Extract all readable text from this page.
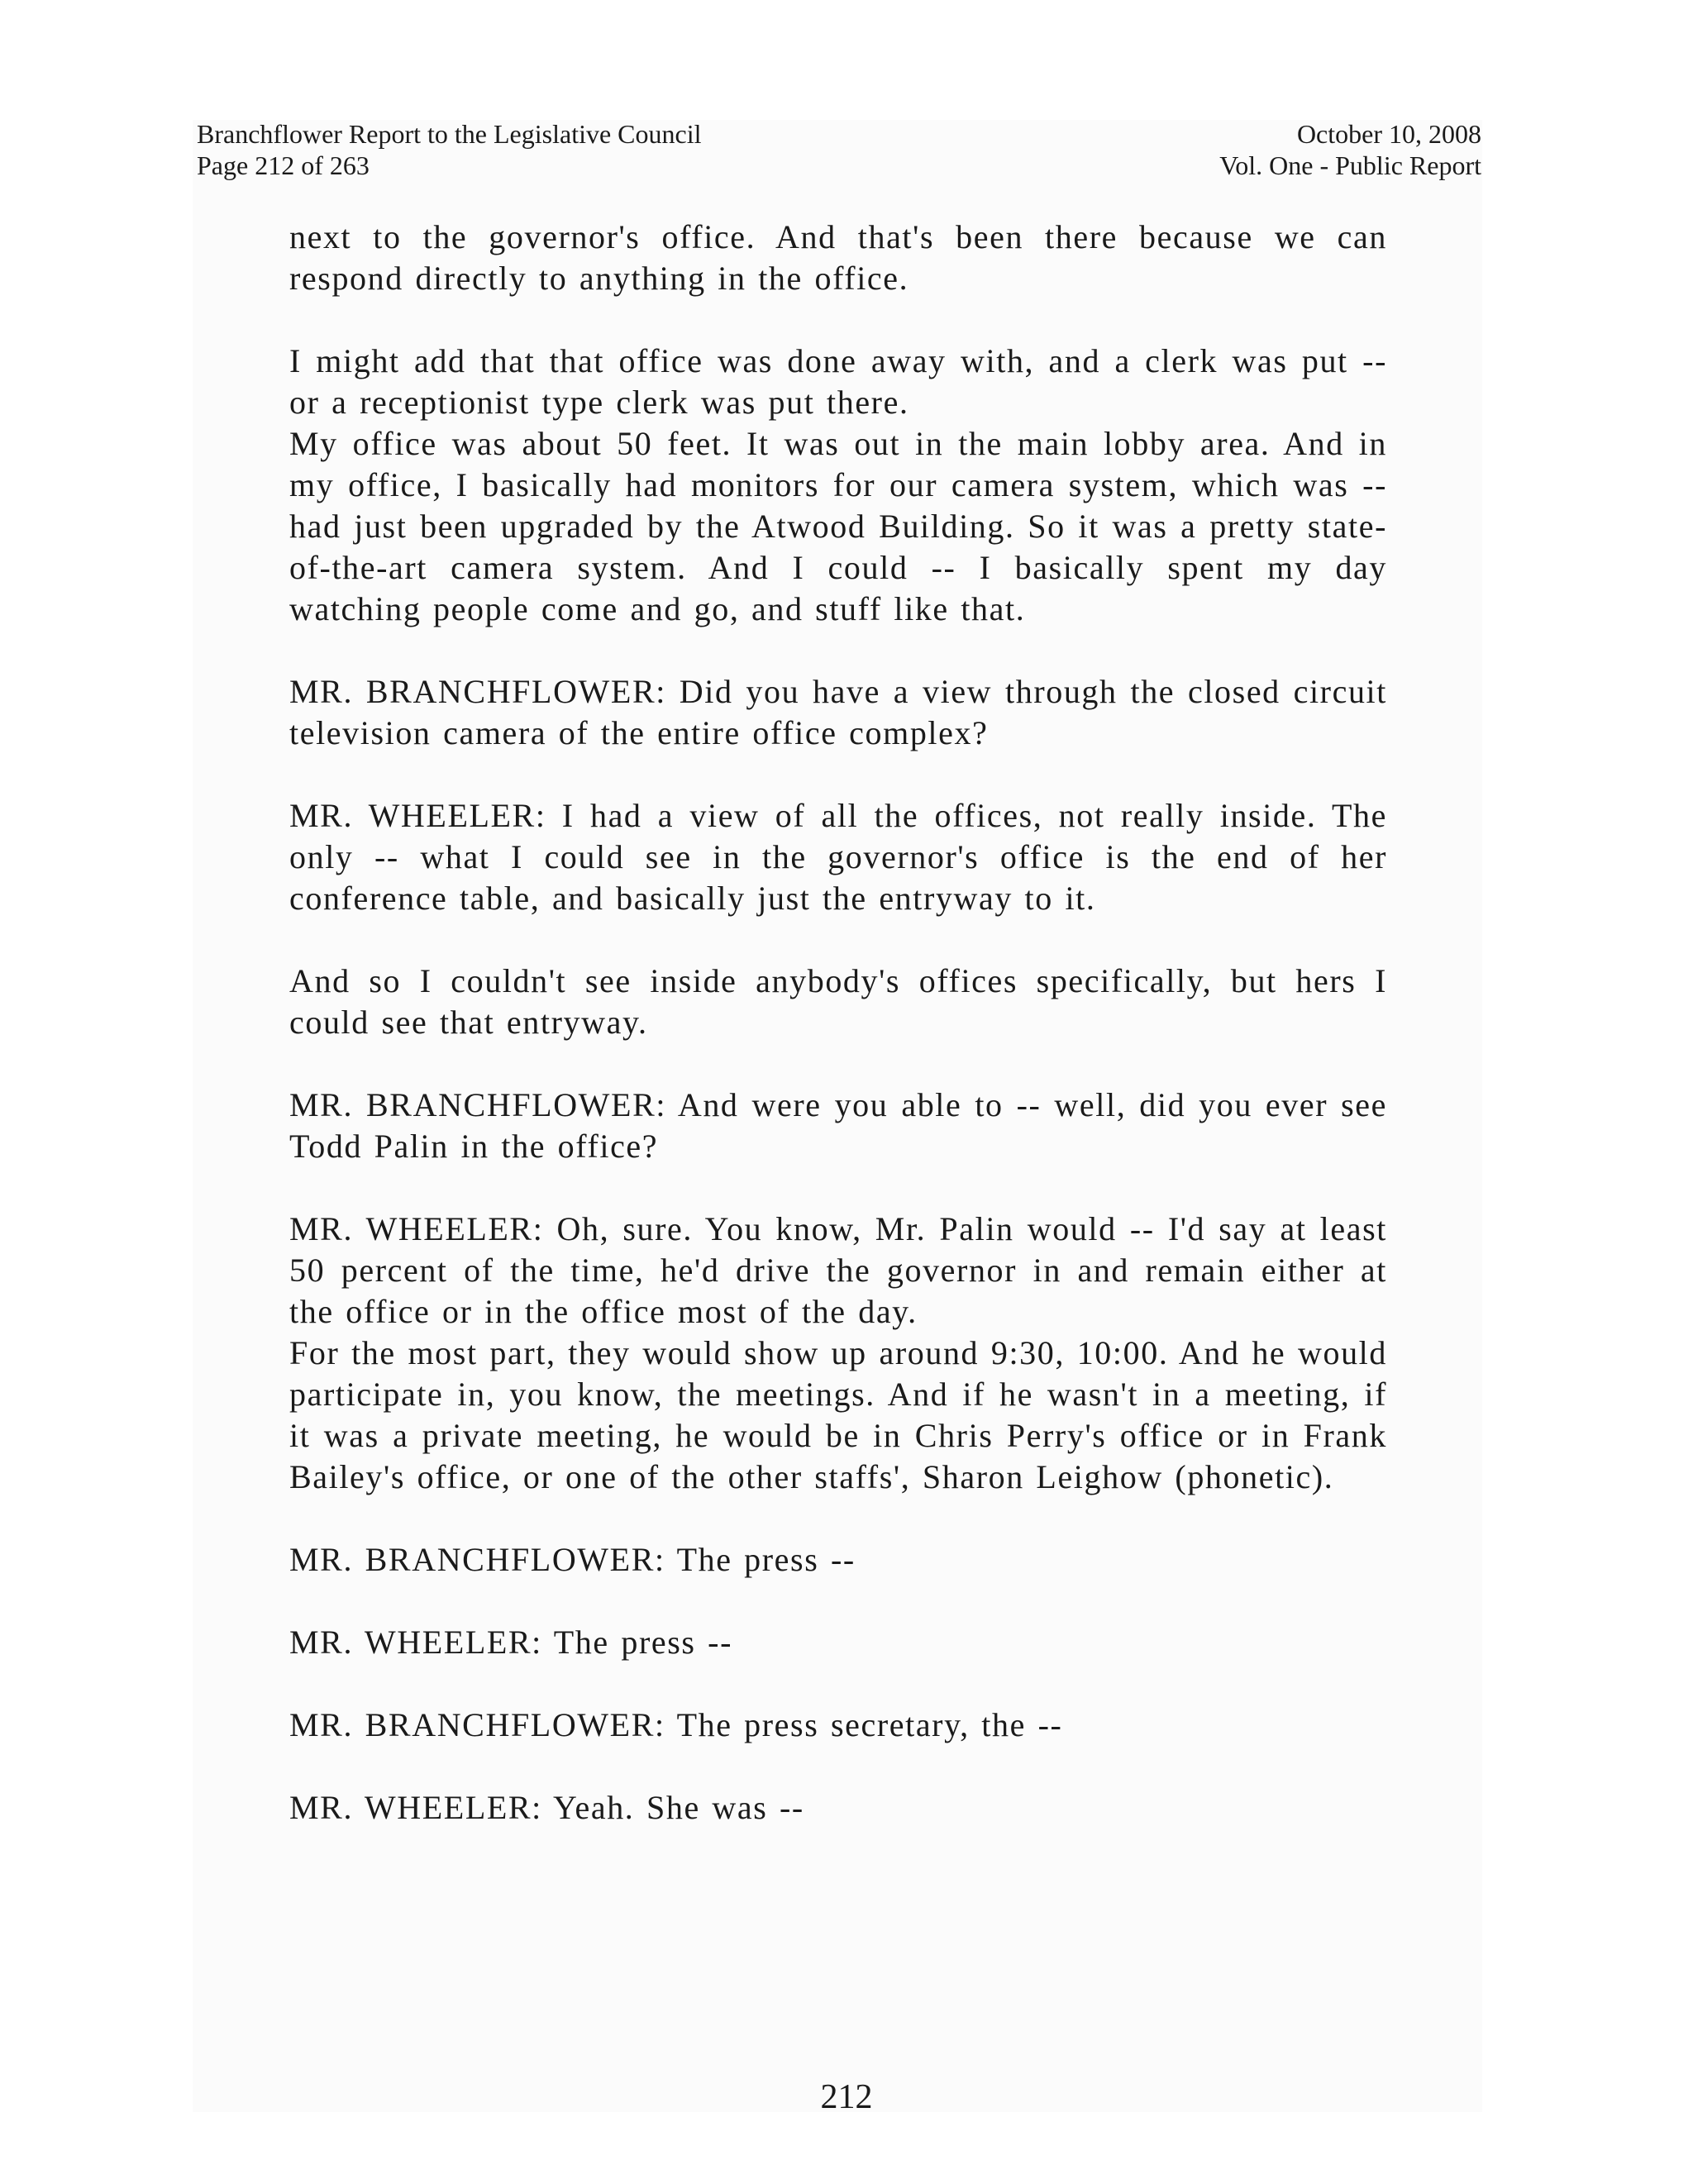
Branchflower Report to the Legislative Council
Page 212 of 263
October 10, 2008
Vol. One - Public Report

next to the governor's office. And that's been there because we can respond directly to anything in the office.

I might add that that office was done away with, and a clerk was put -- or a receptionist type clerk was put there.

My office was about 50 feet. It was out in the main lobby area. And in my office, I basically had monitors for our camera system, which was -- had just been upgraded by the Atwood Building. So it was a pretty state-of-the-art camera system. And I could -- I basically spent my day watching people come and go, and stuff like that.

MR. BRANCHFLOWER: Did you have a view through the closed circuit television camera of the entire office complex?

MR. WHEELER: I had a view of all the offices, not really inside. The only -- what I could see in the governor's office is the end of her conference table, and basically just the entryway to it.

And so I couldn't see inside anybody's offices specifically, but hers I could see that entryway.

MR. BRANCHFLOWER: And were you able to -- well, did you ever see Todd Palin in the office?

MR. WHEELER: Oh, sure. You know, Mr. Palin would -- I'd say at least 50 percent of the time, he'd drive the governor in and remain either at the office or in the office most of the day.

For the most part, they would show up around 9:30, 10:00. And he would participate in, you know, the meetings. And if he wasn't in a meeting, if it was a private meeting, he would be in Chris Perry's office or in Frank Bailey's office, or one of the other staffs', Sharon Leighow (phonetic).

MR. BRANCHFLOWER: The press --

MR. WHEELER: The press --

MR. BRANCHFLOWER: The press secretary, the --

MR. WHEELER: Yeah. She was --

212
